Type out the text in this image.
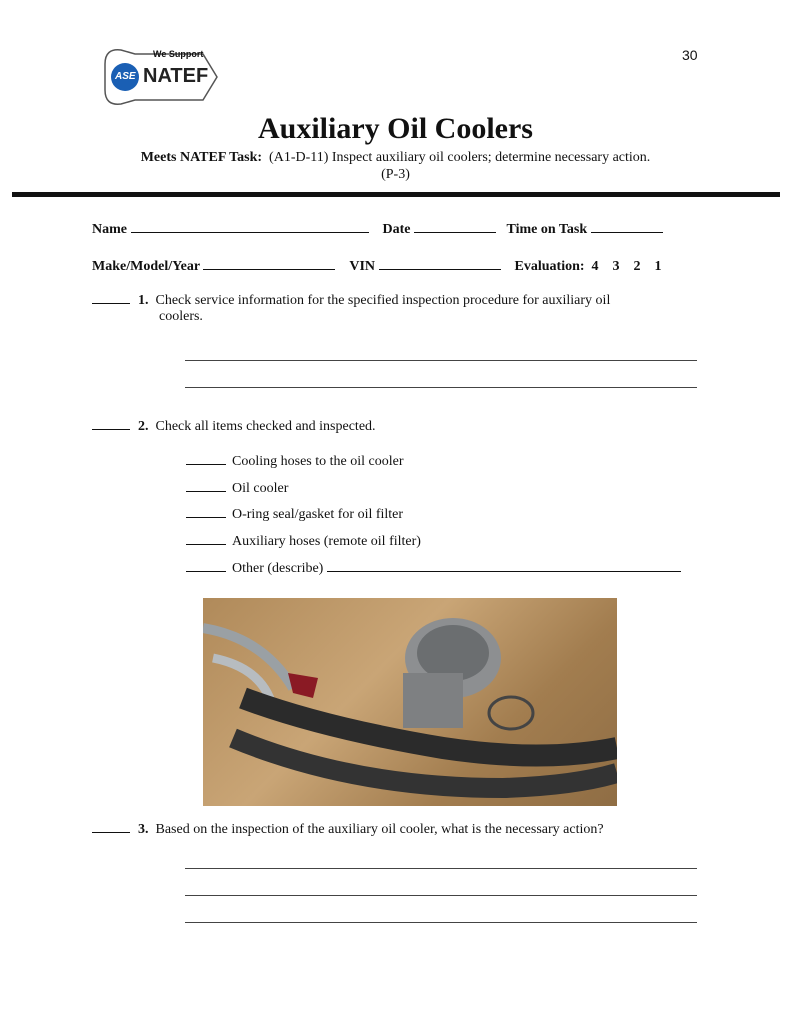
We Support
ASE NATEF
30
Auxiliary Oil Coolers
Meets NATEF Task: (A1-D-11) Inspect auxiliary oil coolers; determine necessary action.
(P-3)
Name	Date	Time on Task
Make/Model/Year	VIN	Evaluation: 4 3 2 1
1. Check service information for the specified inspection procedure for auxiliary oil
coolers.
2. Check all items checked and inspected.
Cooling hoses to the oil cooler
Oil cooler
O-ring seal/gasket for oil filter
Auxiliary hoses (remote oil filter)
Other (describe)
3. Based on the inspection of the auxiliary oil cooler, what is the necessary action?
